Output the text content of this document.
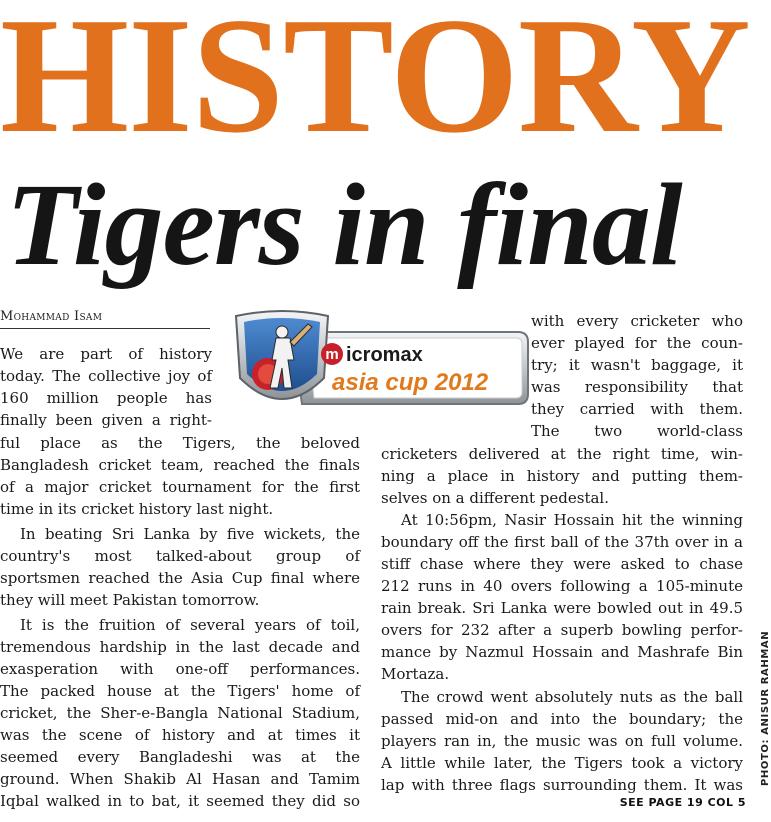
HISTORY
Tigers in final
Mohammad Isam
We are part of history
today. The collective joy of
160 million people has
finally been given a right-
ful place as the Tigers, the beloved
Bangladesh cricket team, reached the finals
of a major cricket tournament for the first
time in its cricket history last night.
In beating Sri Lanka by five wickets, the
country's most talked-about group of
sportsmen reached the Asia Cup final where
they will meet Pakistan tomorrow.
It is the fruition of several years of toil,
tremendous hardship in the last decade and
exasperation with one-off performances.
The packed house at the Tigers' home of
cricket, the Sher-e-Bangla National Stadium,
was the scene of history and at times it
seemed every Bangladeshi was at the
ground. When Shakib Al Hasan and Tamim
Iqbal walked in to bat, it seemed they did so
with every cricketer who
ever played for the coun-
try; it wasn't baggage, it
was responsibility that
they carried with them.
The two world-class
cricketers delivered at the right time, win-
ning a place in history and putting them-
selves on a different pedestal.
At 10:56pm, Nasir Hossain hit the winning
boundary off the first ball of the 37th over in a
stiff chase where they were asked to chase
212 runs in 40 overs following a 105-minute
rain break. Sri Lanka were bowled out in 49.5
overs for 232 after a superb bowling perfor-
mance by Nazmul Hossain and Mashrafe Bin
Mortaza.
The crowd went absolutely nuts as the ball
passed mid-on and into the boundary; the
players ran in, the music was on full volume.
A little while later, the Tigers took a victory
lap with three flags surrounding them. It was
m icromax
asia cup 2012
PHOTO: ANISUR RAHMAN
SEE PAGE 19 COL 5
